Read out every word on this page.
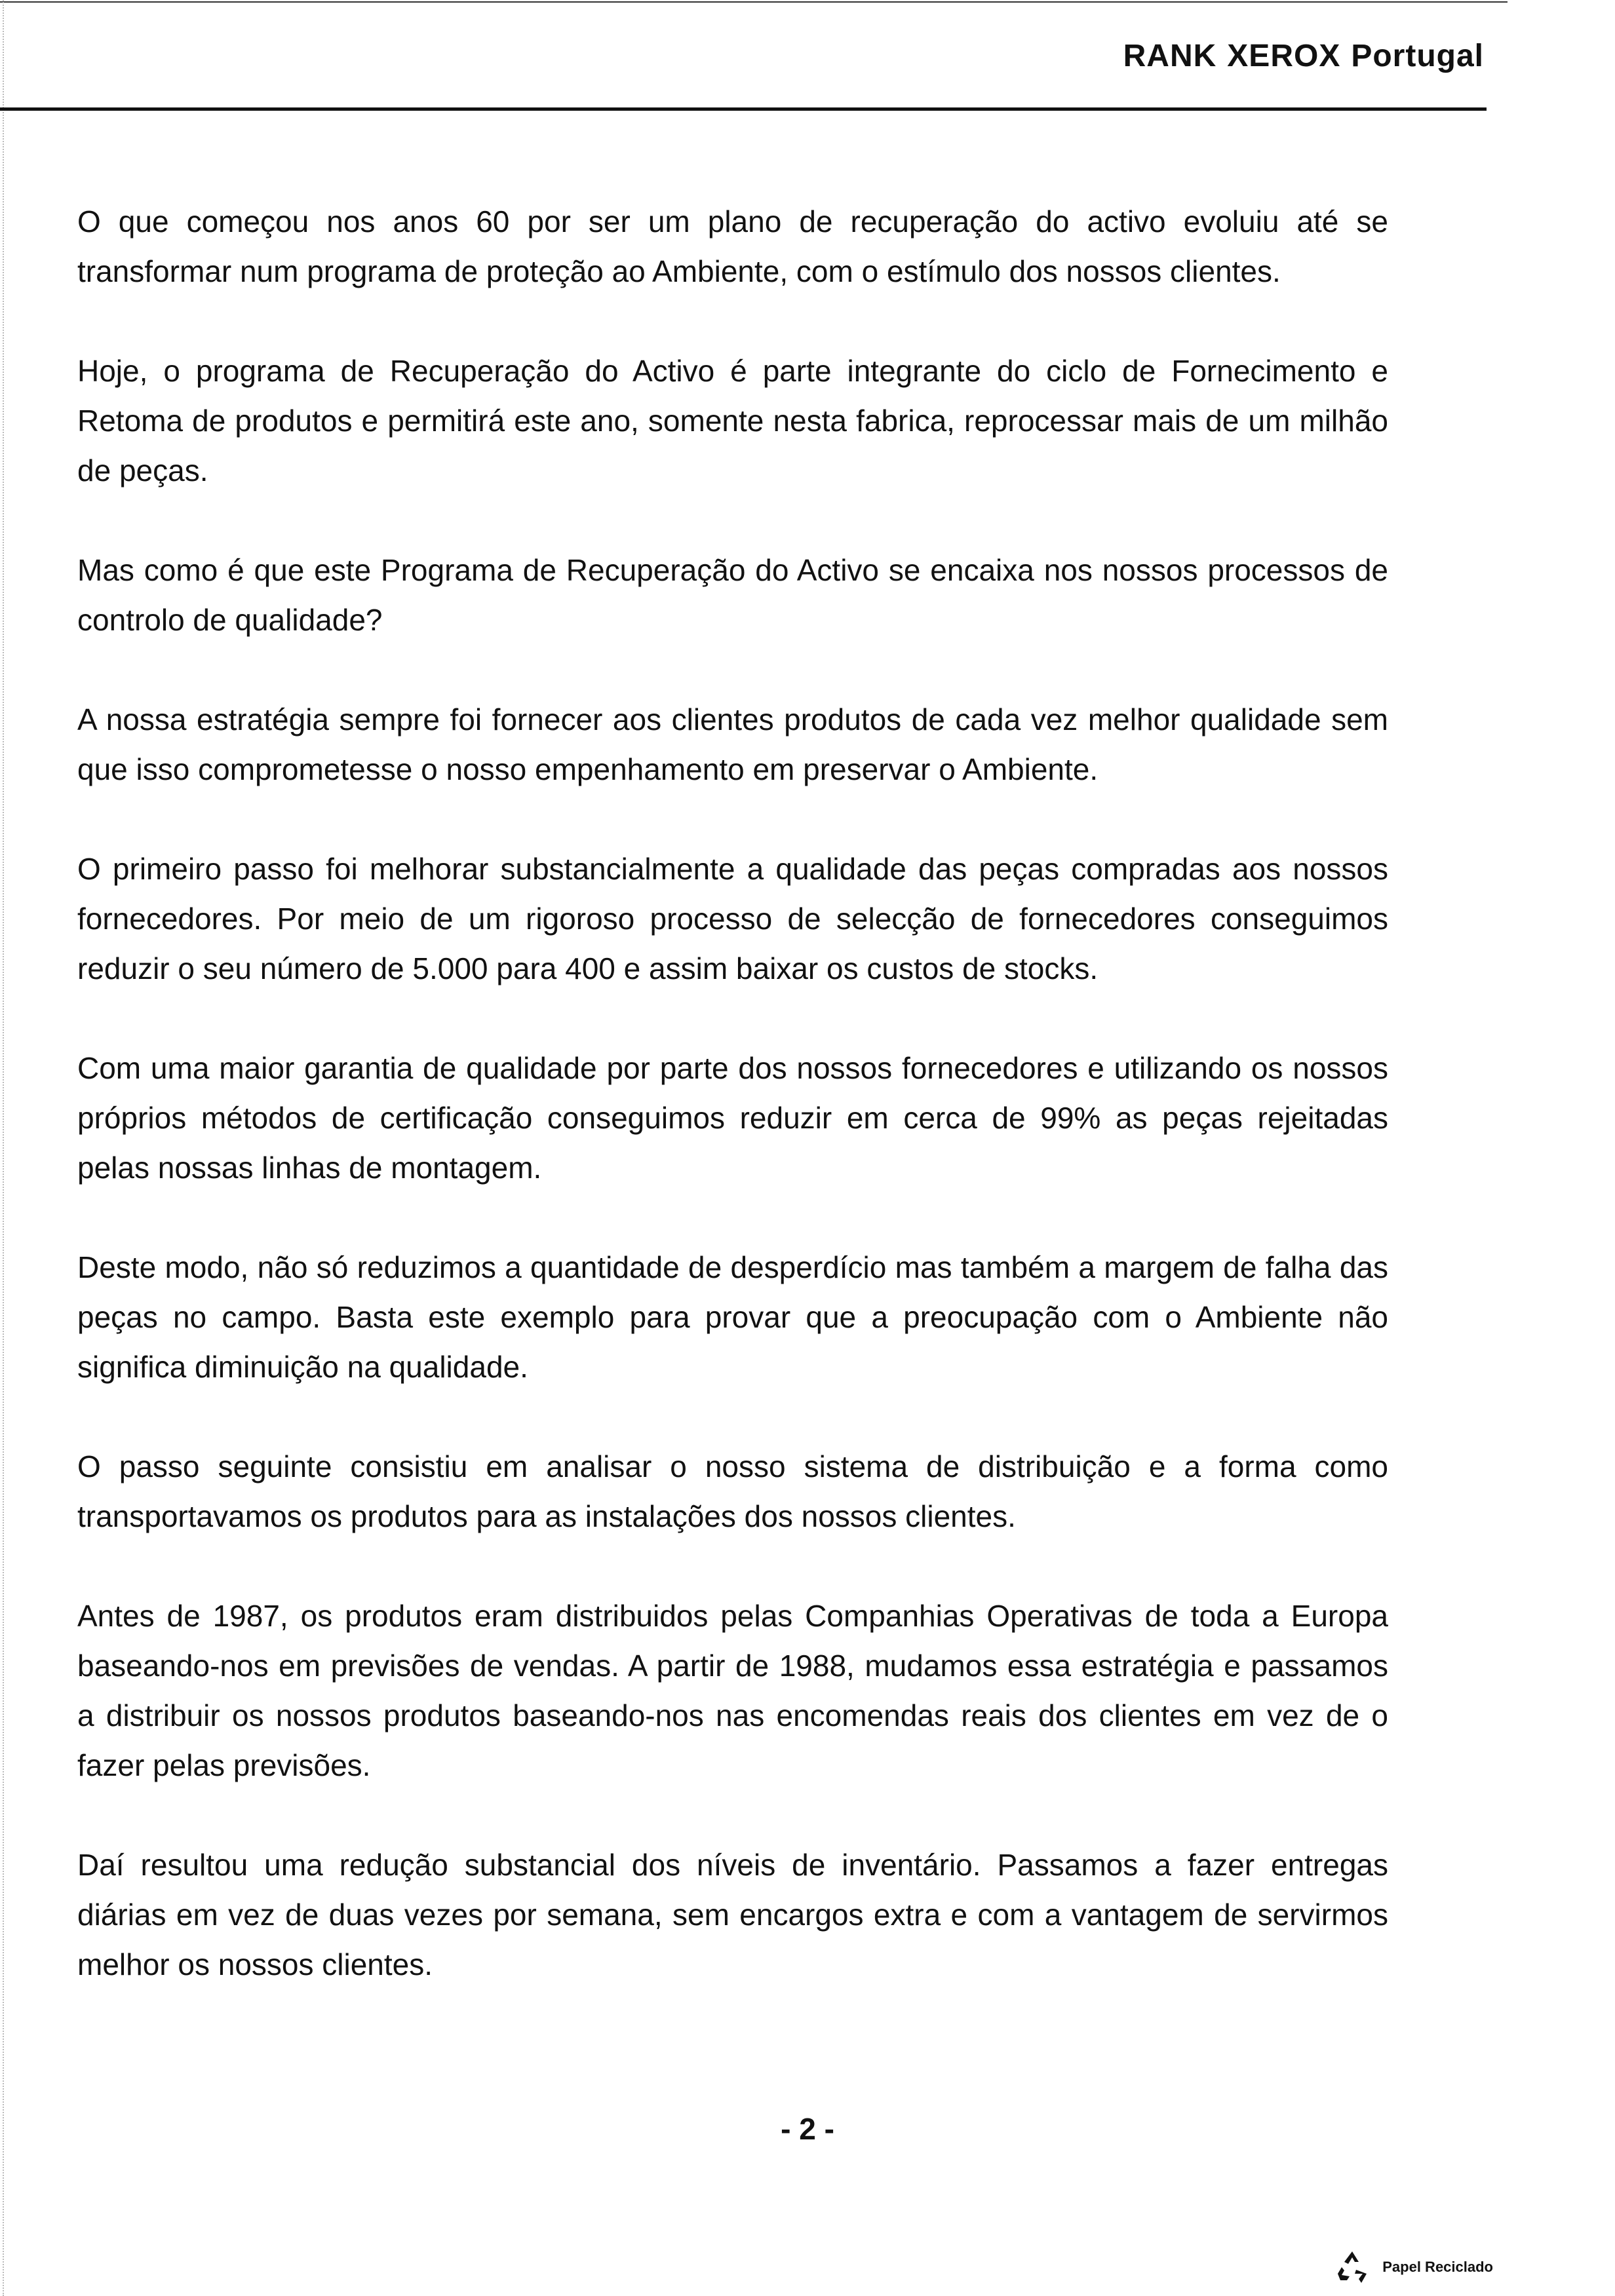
RANK XEROX Portugal

O que começou nos anos 60 por ser um plano de recuperação do activo evoluiu até se transformar num programa de proteção ao Ambiente, com o estímulo dos nossos clientes.

Hoje, o programa de Recuperação do Activo é parte integrante do ciclo de Fornecimento e Retoma de produtos e permitirá este ano, somente nesta fabrica, reprocessar mais de um milhão de peças.

Mas como é que este Programa de Recuperação do Activo se encaixa nos nossos processos de controlo de qualidade?

A nossa estratégia sempre foi fornecer aos clientes produtos de cada vez melhor qualidade sem que isso comprometesse o nosso empenhamento em preservar o Ambiente.

O primeiro passo foi melhorar substancialmente a qualidade das peças compradas aos nossos fornecedores. Por meio de um rigoroso processo de selecção de fornecedores conseguimos reduzir o seu número de 5.000 para 400 e assim baixar os custos de stocks.

Com uma maior garantia de qualidade por parte dos nossos fornecedores e utilizando os nossos próprios métodos de certificação conseguimos reduzir em cerca de 99% as peças rejeitadas pelas nossas linhas de montagem.

Deste modo, não só reduzimos a quantidade de desperdício mas também a margem de falha das peças no campo. Basta este exemplo para provar que a preocupação com o Ambiente não significa diminuição na qualidade.

O passo seguinte consistiu em analisar o nosso sistema de distribuição e a forma como transportavamos os produtos para as instalações dos nossos clientes.

Antes de 1987, os produtos eram distribuidos pelas Companhias Operativas de toda a Europa baseando-nos em previsões de vendas. A partir de 1988, mudamos essa estratégia e passamos a distribuir os nossos produtos baseando-nos nas encomendas reais dos clientes em vez de o fazer pelas previsões.

Daí resultou uma redução substancial dos níveis de inventário. Passamos a fazer entregas diárias em vez de duas vezes por semana, sem encargos extra e com a vantagem de servirmos melhor os nossos clientes.

- 2 -
Papel Reciclado
